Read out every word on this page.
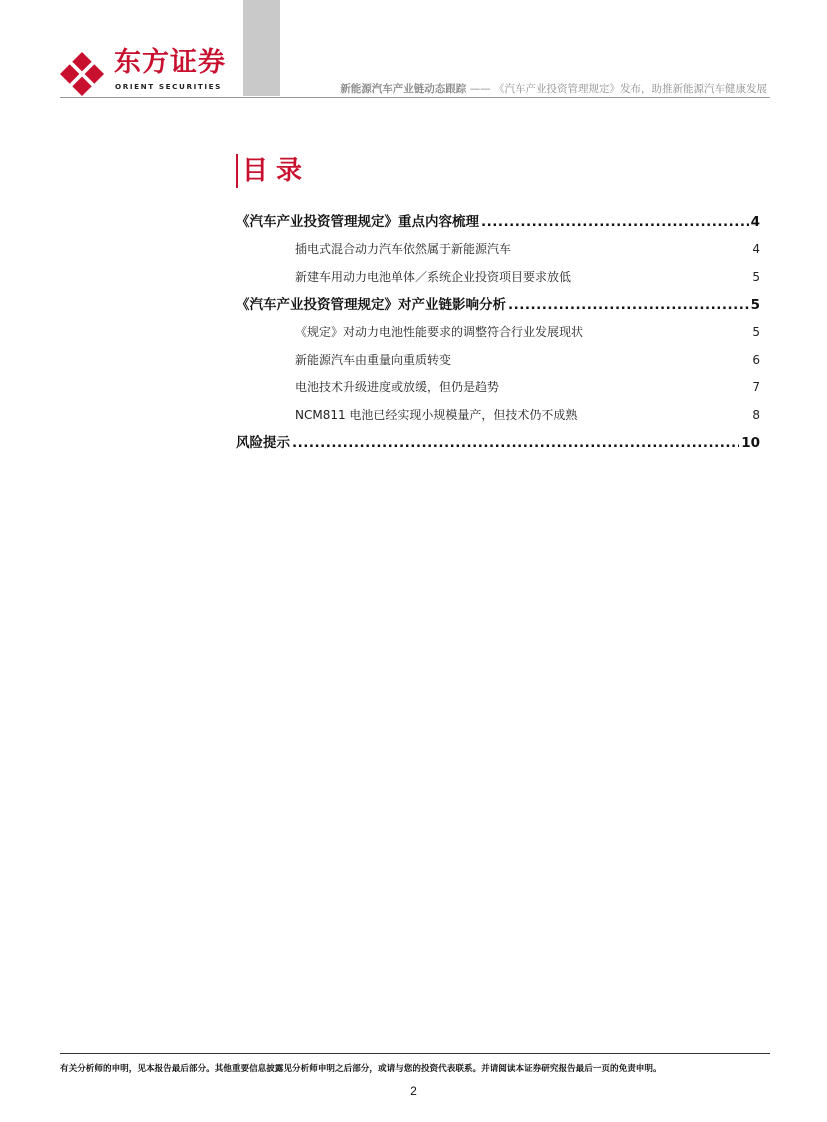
东方证券
ORIENT SECURITIES	新能源汽车产业链动态跟踪 —— 《汽车产业投资管理规定》发布，助推新能源汽车健康发展
目录
《汽车产业投资管理规定》重点内容梳理 .....	4
插电式混合动力汽车依然属于新能源汽车	4
新建车用动力电池单体／系统企业投资项目要求放低	5
《汽车产业投资管理规定》对产业链影响分析 .....	5
《规定》对动力电池性能要求的调整符合行业发展现状	5
新能源汽车由重量向重质转变	6
电池技术升级进度或放缓，但仍是趋势	7
NCM811 电池已经实现小规模量产，但技术仍不成熟	8
风险提示 .....	10
有关分析师的申明，见本报告最后部分。其他重要信息披露见分析师申明之后部分，或请与您的投资代表联系。并请阅读本证券研究报告最后一页的免责申明。
2
